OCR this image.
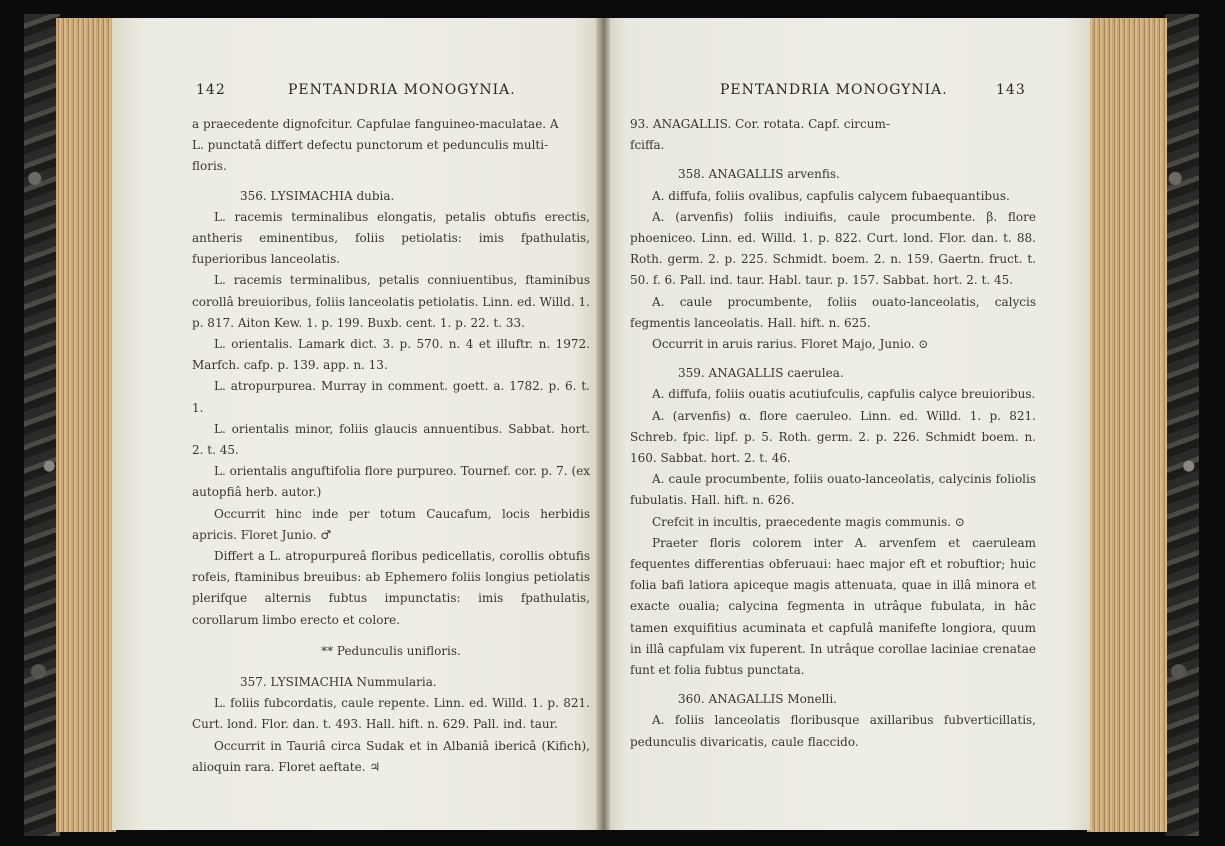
142	PENTANDRIA MONOGYNIA.

a praecedente dignofcitur. Capfulae fanguineo-maculatae. A

L. punctatâ differt defectu punctorum et pedunculis multi-

floris.

356. LYSIMACHIA dubia.

L. racemis terminalibus elongatis, petalis obtufis erectis, antheris eminentibus, foliis petiolatis: imis fpathulatis, fuperioribus lanceolatis.

L. racemis terminalibus, petalis conniuentibus, ftaminibus corollâ breuioribus, foliis lanceolatis petiolatis. Linn. ed. Willd. 1. p. 817. Aiton Kew. 1. p. 199. Buxb. cent. 1. p. 22. t. 33.

L. orientalis. Lamark dict. 3. p. 570. n. 4 et illuftr. n. 1972. Marfch. cafp. p. 139. app. n. 13.

L. atropurpurea. Murray in comment. goett. a. 1782. p. 6. t. 1.

L. orientalis minor, foliis glaucis annuentibus. Sabbat. hort. 2. t. 45.

L. orientalis anguftifolia flore purpureo. Tournef. cor. p. 7. (ex autopfiâ herb. autor.)

Occurrit hinc inde per totum Caucafum, locis herbidis apricis. Floret Junio. ♂

Differt a L. atropurpureâ floribus pedicellatis, corollis obtufis rofeis, ftaminibus breuibus: ab Ephemero foliis longius petiolatis plerifque alternis fubtus impunctatis: imis fpathulatis, corollarum limbo erecto et colore.

** Pedunculis unifloris.

357. LYSIMACHIA Nummularia.

L. foliis fubcordatis, caule repente. Linn. ed. Willd. 1. p. 821. Curt. lond. Flor. dan. t. 493. Hall. hift. n. 629. Pall. ind. taur.

Occurrit in Tauriâ circa Sudak et in Albaniâ ibericâ (Kifich), alioquin rara. Floret aeftate. ♃

PENTANDRIA MONOGYNIA.	143

93. ANAGALLIS. Cor. rotata. Capf. circum-

fciffa.

358. ANAGALLIS arvenfis.

A. diffufa, foliis ovalibus, capfulis calycem fubaequantibus.

A. (arvenfis) foliis indiuifis, caule procumbente. β. flore phoeniceo. Linn. ed. Willd. 1. p. 822. Curt. lond. Flor. dan. t. 88. Roth. germ. 2. p. 225. Schmidt. boem. 2. n. 159. Gaertn. fruct. t. 50. f. 6. Pall. ind. taur. Habl. taur. p. 157. Sabbat. hort. 2. t. 45.

A. caule procumbente, foliis ouato-lanceolatis, calycis fegmentis lanceolatis. Hall. hift. n. 625.

Occurrit in aruis rarius. Floret Majo, Junio. ⊙

359. ANAGALLIS caerulea.

A. diffufa, foliis ouatis acutiufculis, capfulis calyce breuioribus.

A. (arvenfis) α. flore caeruleo. Linn. ed. Willd. 1. p. 821. Schreb. fpic. lipf. p. 5. Roth. germ. 2. p. 226. Schmidt boem. n. 160. Sabbat. hort. 2. t. 46.

A. caule procumbente, foliis ouato-lanceolatis, calycinis foliolis fubulatis. Hall. hift. n. 626.

Crefcit in incultis, praecedente magis communis. ⊙

Praeter floris colorem inter A. arvenfem et caeruleam fequentes differentias obferuaui: haec major eft et robuftior; huic folia bafi latiora apiceque magis attenuata, quae in illâ minora et exacte oualia; calycina fegmenta in utrâque fubulata, in hâc tamen exquifitius acuminata et capfulâ manifefte longiora, quum in illâ capfulam vix fuperent. In utrâque corollae laciniae crenatae funt et folia fubtus punctata.

360. ANAGALLIS Monelli.

A. foliis lanceolatis floribusque axillaribus fubverticillatis, pedunculis divaricatis, caule flaccido.
